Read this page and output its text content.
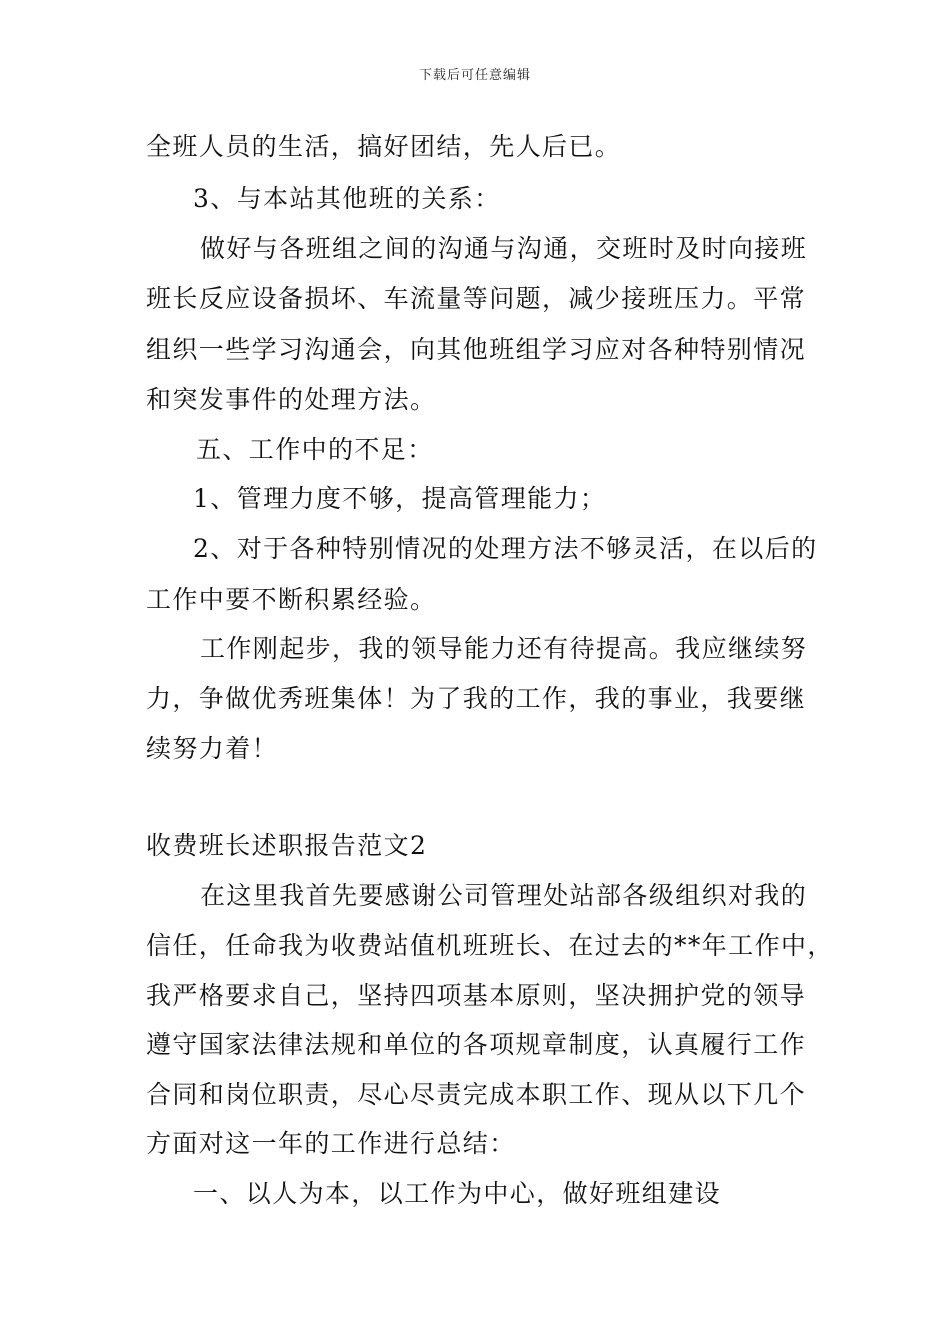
下载后可任意编辑
全班人员的生活，搞好团结，先人后已。
3、与本站其他班的关系：
做好与各班组之间的沟通与沟通，交班时及时向接班
班长反应设备损坏、车流量等问题，减少接班压力。平常
组织一些学习沟通会，向其他班组学习应对各种特别情况
和突发事件的处理方法。
五、工作中的不足：
1、管理力度不够，提高管理能力；
2、对于各种特别情况的处理方法不够灵活，在以后的
工作中要不断积累经验。
工作刚起步，我的领导能力还有待提高。我应继续努
力，争做优秀班集体！为了我的工作，我的事业，我要继
续努力着！
收费班长述职报告范文2
在这里我首先要感谢公司管理处站部各级组织对我的
信任，任命我为收费站值机班班长、在过去的**年工作中，
我严格要求自己，坚持四项基本原则，坚决拥护党的领导
遵守国家法律法规和单位的各项规章制度，认真履行工作
合同和岗位职责，尽心尽责完成本职工作、现从以下几个
方面对这一年的工作进行总结：
一、以人为本，以工作为中心，做好班组建设
